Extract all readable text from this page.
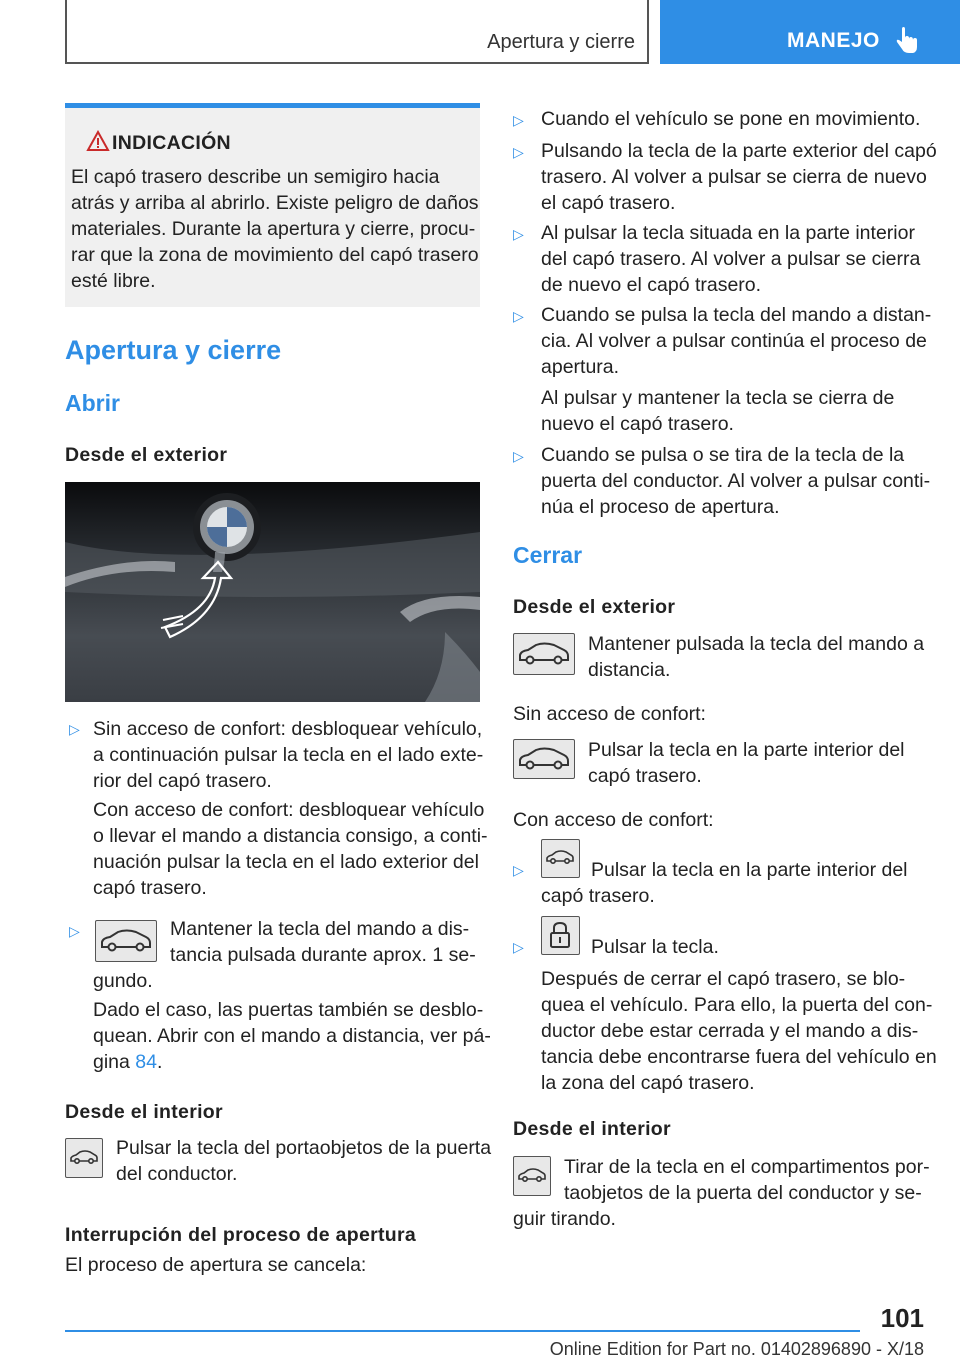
Apertura y cierre	MANEJO
INDICACIÓN
El capó trasero describe un semigiro hacia
atrás y arriba al abrirlo. Existe peligro de daños
materiales. Durante la apertura y cierre, procu-
rar que la zona de movimiento del capó trasero
esté libre.
Apertura y cierre
Abrir
Desde el exterior
▷ Sin acceso de confort: desbloquear vehículo,
a continuación pulsar la tecla en el lado exte-
rior del capó trasero.
Con acceso de confort: desbloquear vehículo
o llevar el mando a distancia consigo, a conti-
nuación pulsar la tecla en el lado exterior del
capó trasero.
▷	Mantener la tecla del mando a dis-
tancia pulsada durante aprox. 1 se-
gundo.
Dado el caso, las puertas también se desblo-
quean. Abrir con el mando a distancia, ver pá-
gina 84.
Desde el interior
Pulsar la tecla del portaobjetos de la puerta
del conductor.
Interrupción del proceso de apertura
El proceso de apertura se cancela:
▷ Cuando el vehículo se pone en movimiento.
▷ Pulsando la tecla de la parte exterior del capó
trasero. Al volver a pulsar se cierra de nuevo
el capó trasero.
▷ Al pulsar la tecla situada en la parte interior
del capó trasero. Al volver a pulsar se cierra
de nuevo el capó trasero.
▷ Cuando se pulsa la tecla del mando a distan-
cia. Al volver a pulsar continúa el proceso de
apertura.
Al pulsar y mantener la tecla se cierra de
nuevo el capó trasero.
▷ Cuando se pulsa o se tira de la tecla de la
puerta del conductor. Al volver a pulsar conti-
núa el proceso de apertura.
Cerrar
Desde el exterior
Mantener pulsada la tecla del mando a
distancia.
Sin acceso de confort:
Pulsar la tecla en la parte interior del
capó trasero.
Con acceso de confort:
▷	Pulsar la tecla en la parte interior del
capó trasero.
▷	Pulsar la tecla.
Después de cerrar el capó trasero, se blo-
quea el vehículo. Para ello, la puerta del con-
ductor debe estar cerrada y el mando a dis-
tancia debe encontrarse fuera del vehículo en
la zona del capó trasero.
Desde el interior
Tirar de la tecla en el compartimentos por-
taobjetos de la puerta del conductor y se-
guir tirando.
101
Online Edition for Part no. 01402896890 - X/18
